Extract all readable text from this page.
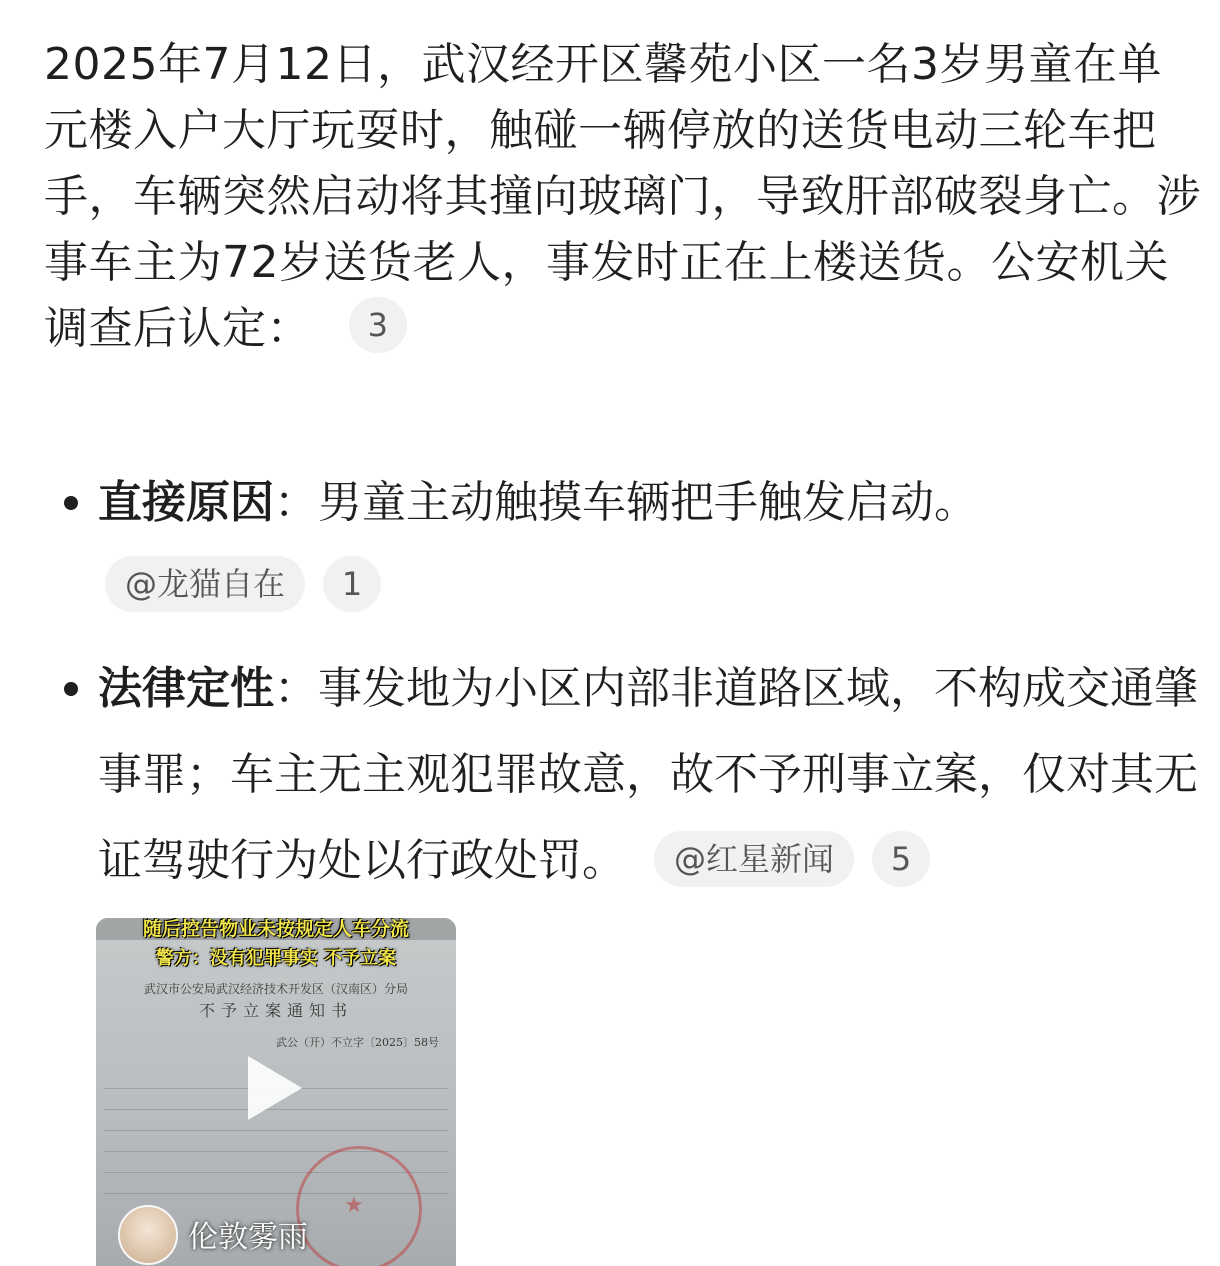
2025年7月12日，武汉经开区馨苑小区一名3岁男童在单元楼入户大厅玩耍时，触碰一辆停放的送货电动三轮车把手，车辆突然启动将其撞向玻璃门，导致肝部破裂身亡。涉事车主为72岁送货老人，事发时正在上楼送货。公安机关调查后认定： 3
直接原因：男童主动触摸车辆把手触发启动。
@龙猫自在	1
法律定性：事发地为小区内部非道路区域，不构成交通肇事罪；车主无主观犯罪故意，故不予刑事立案，仅对其无证驾驶行为处以行政处罚。	@红星新闻	5
随后控告物业未按规定人车分流
警方：没有犯罪事实 不予立案
武汉市公安局武汉经济技术开发区（汉南区）分局
不予立案通知书
武公（开）不立字〔2025〕58号
★
伦敦雾雨
